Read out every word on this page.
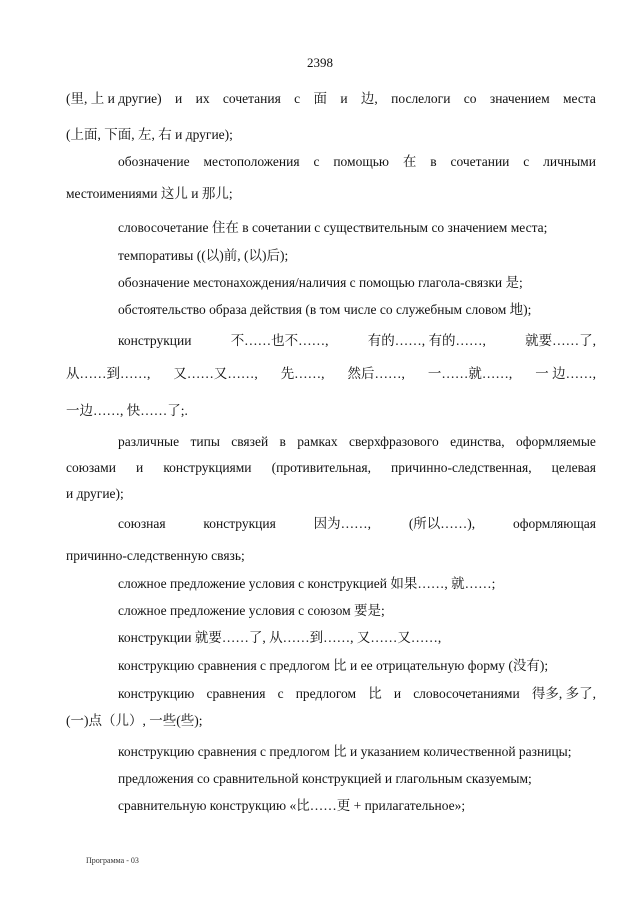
2398
(里, 上 и другие) и их сочетания с 面 и 边, послелоги со значением места
(上面, 下面, 左, 右 и другие);
обозначение местоположения с помощью 在 в сочетании с личными
местоимениями 这儿 и 那儿;
словосочетание 住在 в сочетании с существительным со значением места;
темпоративы ((以)前, (以)后);
обозначение местонахождения/наличия с помощью глагола-связки 是;
обстоятельство образа действия (в том числе со служебным словом 地);
конструкции	不……也不……,	有的……, 有的……,	就要……了,
从……到……, 又……又……, 先……, 然后……, 一……就……, 一 边……,
一边……, 快……了;.
различные типы связей в рамках сверхфразового единства, оформляемые
союзами и конструкциями (противительная, причинно-следственная, целевая
и другие);
союзная	конструкция	因为……,	(所以……),	оформляющая
причинно-следственную связь;
сложное предложение условия с конструкцией 如果……, 就……;
сложное предложение условия с союзом 要是;
конструкции 就要……了, 从……到……, 又……又……,
конструкцию сравнения с предлогом 比 и ее отрицательную форму (没有);
конструкцию сравнения с предлогом 比 и словосочетаниями 得多, 多了,
(一)点（儿）, 一些(些);
конструкцию сравнения с предлогом 比 и указанием количественной разницы;
предложения со сравнительной конструкцией и глагольным сказуемым;
сравнительную конструкцию «比……更 + прилагательное»;
Программа - 03
